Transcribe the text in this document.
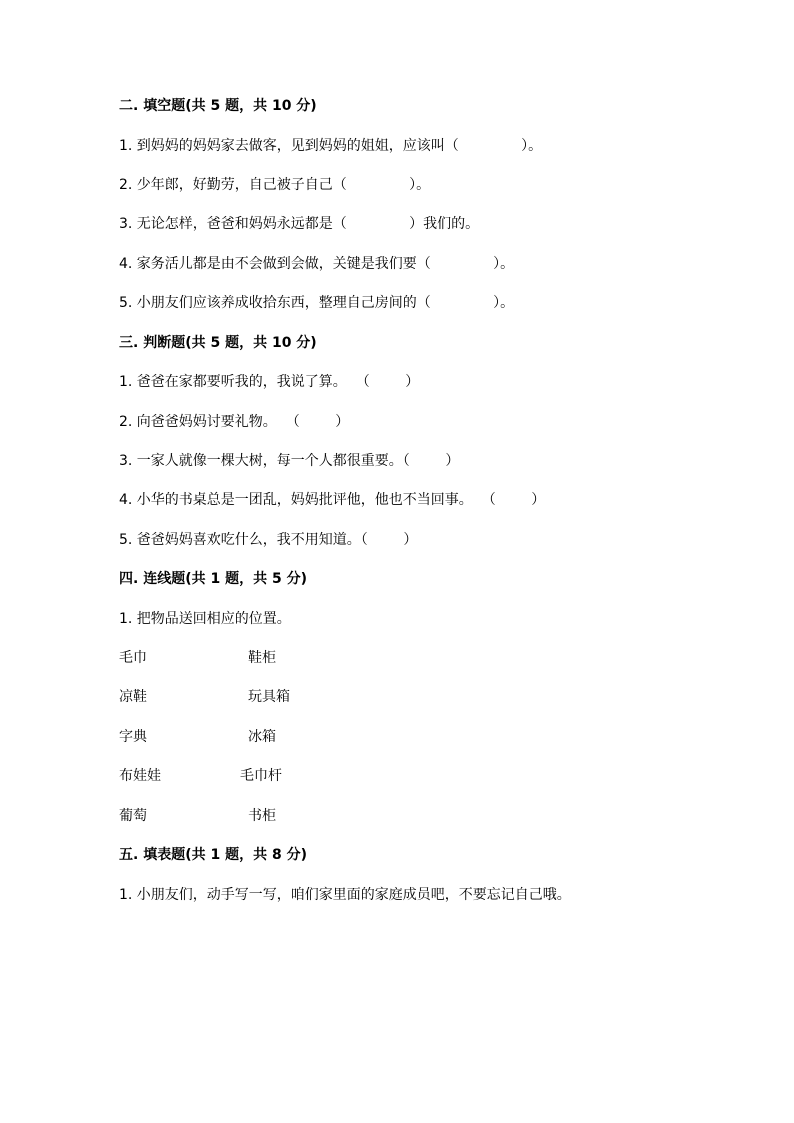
二. 填空题(共 5 题，共 10 分)
1. 到妈妈的妈妈家去做客，见到妈妈的姐姐，应该叫（              ）。
2. 少年郎，好勤劳，自己被子自己（              ）。
3. 无论怎样，爸爸和妈妈永远都是（              ）我们的。
4. 家务活儿都是由不会做到会做，关键是我们要（              ）。
5. 小朋友们应该养成收拾东西，整理自己房间的（              ）。
三. 判断题(共 5 题，共 10 分)
1. 爸爸在家都要听我的，我说了算。  （        ）
2. 向爸爸妈妈讨要礼物。  （        ）
3. 一家人就像一棵大树，每一个人都很重要。（        ）
4. 小华的书桌总是一团乱，妈妈批评他，他也不当回事。  （        ）
5. 爸爸妈妈喜欢吃什么，我不用知道。（        ）
四. 连线题(共 1 题，共 5 分)
1. 把物品送回相应的位置。
毛巾	鞋柜
凉鞋	玩具箱
字典	冰箱
布娃娃	毛巾杆
葡萄	书柜
五. 填表题(共 1 题，共 8 分)
1. 小朋友们，动手写一写，咱们家里面的家庭成员吧，不要忘记自己哦。
